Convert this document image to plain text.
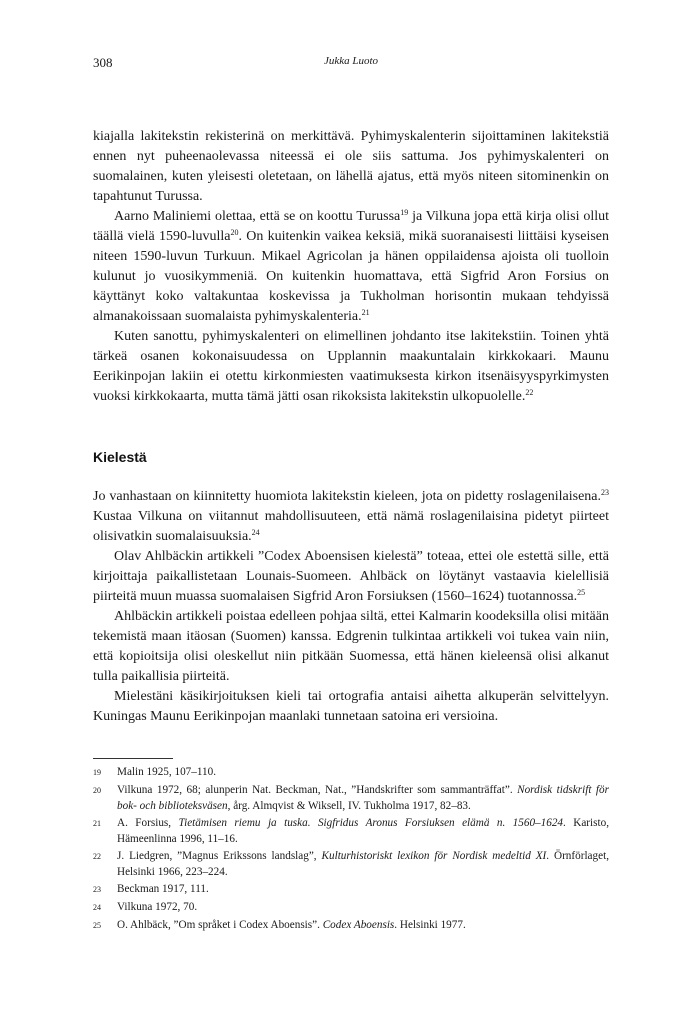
308	Jukka Luoto

kiajalla lakitekstin rekisterinä on merkittävä. Pyhimyskalenterin sijoittaminen lakitekstiä ennen nyt puheenaolevassa niteessä ei ole siis sattuma. Jos pyhimyskalenteri on suomalainen, kuten yleisesti oletetaan, on lähellä ajatus, että myös niteen sitominenkin on tapahtunut Turussa.

Aarno Maliniemi olettaa, että se on koottu Turussa$^{19}$ ja Vilkuna jopa että kirja olisi ollut täällä vielä 1590-luvulla$^{20}$. On kuitenkin vaikea keksiä, mikä suoranaisesti liittäisi kyseisen niteen 1590-luvun Turkuun. Mikael Agricolan ja hänen oppilaidensa ajoista oli tuolloin kulunut jo vuosikymmeniä. On kuitenkin huomattava, että Sigfrid Aron Forsius on käyttänyt koko valtakuntaa koskevissa ja Tukholman horisontin mukaan tehdyissä almanakoissaan suomalaista pyhimyskalenteria.$^{21}$

Kuten sanottu, pyhimyskalenteri on elimellinen johdanto itse lakitekstiin. Toinen yhtä tärkeä osanen kokonaisuudessa on Upplannin maakuntalain kirkkokaari. Maunu Eerikinpojan lakiin ei otettu kirkonmiesten vaatimuksesta kirkon itsenäisyyspyrkimysten vuoksi kirkkokaarta, mutta tämä jätti osan rikoksista lakitekstin ulkopuolelle.$^{22}$

Kielestä

Jo vanhastaan on kiinnitetty huomiota lakitekstin kieleen, jota on pidetty roslagenilaisena.$^{23}$ Kustaa Vilkuna on viitannut mahdollisuuteen, että nämä roslagenilaisina pidetyt piirteet olisivatkin suomalaisuuksia.$^{24}$

Olav Ahlbäckin artikkeli ”Codex Aboensisen kielestä” toteaa, ettei ole estettä sille, että kirjoittaja paikallistetaan Lounais-Suomeen. Ahlbäck on löytänyt vastaavia kielellisiä piirteitä muun muassa suomalaisen Sigfrid Aron Forsiuksen (1560–1624) tuotannossa.$^{25}$

Ahlbäckin artikkeli poistaa edelleen pohjaa siltä, ettei Kalmarin koodeksilla olisi mitään tekemistä maan itäosan (Suomen) kanssa. Edgrenin tulkintaa artikkeli voi tukea vain niin, että kopioitsija olisi oleskellut niin pitkään Suomessa, että hänen kieleensä olisi alkanut tulla paikallisia piirteitä.

Mielestäni käsikirjoituksen kieli tai ortografia antaisi aihetta alkuperän selvittelyyn. Kuningas Maunu Eerikinpojan maanlaki tunnetaan satoina eri versioina.

19	Malin 1925, 107–110.
20	Vilkuna 1972, 68; alunperin Nat. Beckman, Nat., ”Handskrifter som sammanträffat”. Nordisk tidskrift för bok- och biblioteksväsen, årg. Almqvist & Wiksell, IV. Tukholma 1917, 82–83.
21	A. Forsius, Tietämisen riemu ja tuska. Sigfridus Aronus Forsiuksen elämä n. 1560–1624. Karisto, Hämeenlinna 1996, 11–16.
22	J. Liedgren, ”Magnus Erikssons landslag”, Kulturhistoriskt lexikon för Nordisk medeltid XI. Örnförlaget, Helsinki 1966, 223–224.
23	Beckman 1917, 111.
24	Vilkuna 1972, 70.
25	O. Ahlbäck, ”Om språket i Codex Aboensis”. Codex Aboensis. Helsinki 1977.
